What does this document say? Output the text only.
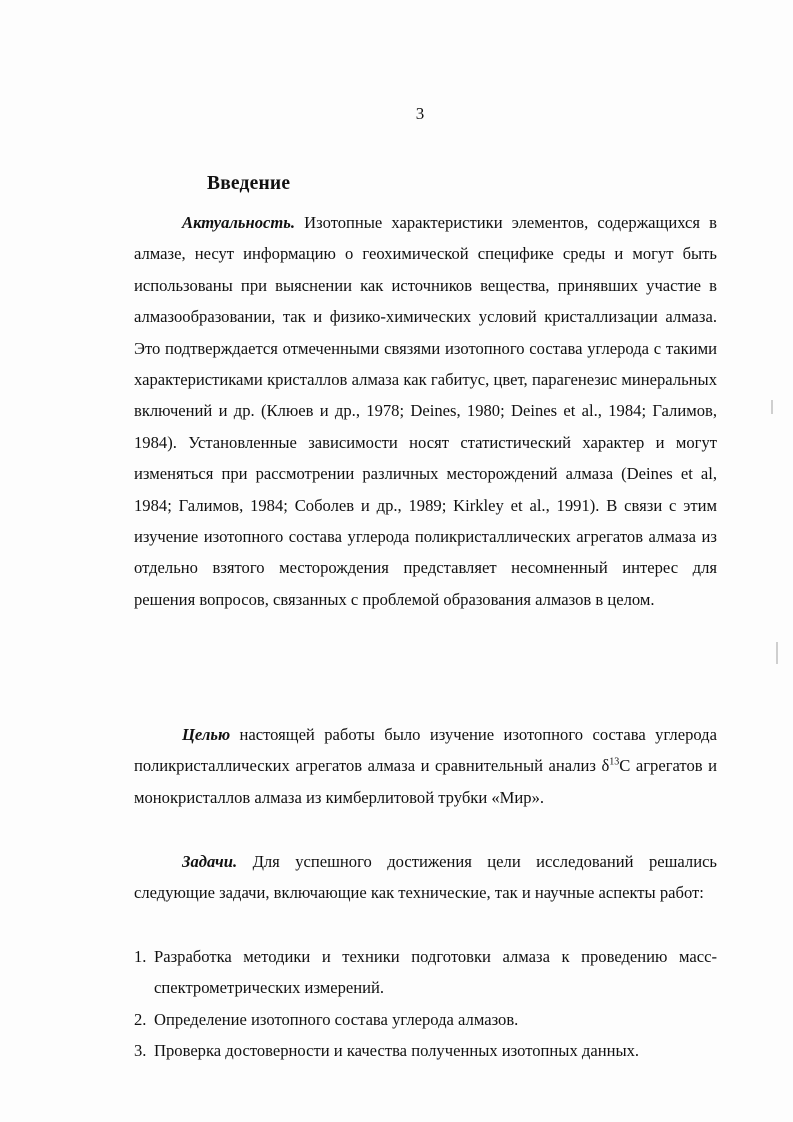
3
Введение
Актуальность. Изотопные характеристики элементов, содержащихся в алмазе, несут информацию о геохимической специфике среды и могут быть использованы при выяснении как источников вещества, принявших участие в алмазообразовании, так и физико-химических условий кристаллизации алмаза. Это подтверждается отмеченными связями изотопного состава углерода с такими характеристиками кристаллов алмаза как габитус, цвет, парагенезис минеральных включений и др. (Клюев и др., 1978; Deines, 1980; Deines et al., 1984; Галимов, 1984). Установленные зависимости носят статистический характер и могут изменяться при рассмотрении различных месторождений алмаза (Deines et al, 1984; Галимов, 1984; Соболев и др., 1989; Kirkley et al., 1991). В связи с этим изучение изотопного состава углерода поликристаллических агрегатов алмаза из отдельно взятого месторождения представляет несомненный интерес для решения вопросов, связанных с проблемой образования алмазов в целом.
Целью настоящей работы было изучение изотопного состава углерода поликристаллических агрегатов алмаза и сравнительный анализ $\delta^{13}С$ агрегатов и монокристаллов алмаза из кимберлитовой трубки «Мир».
Задачи. Для успешного достижения цели исследований решались следующие задачи, включающие как технические, так и научные аспекты работ:
1. Разработка методики и техники подготовки алмаза к проведению масс-спектрометрических измерений.
2. Определение изотопного состава углерода алмазов.
3. Проверка достоверности и качества полученных изотопных данных.
